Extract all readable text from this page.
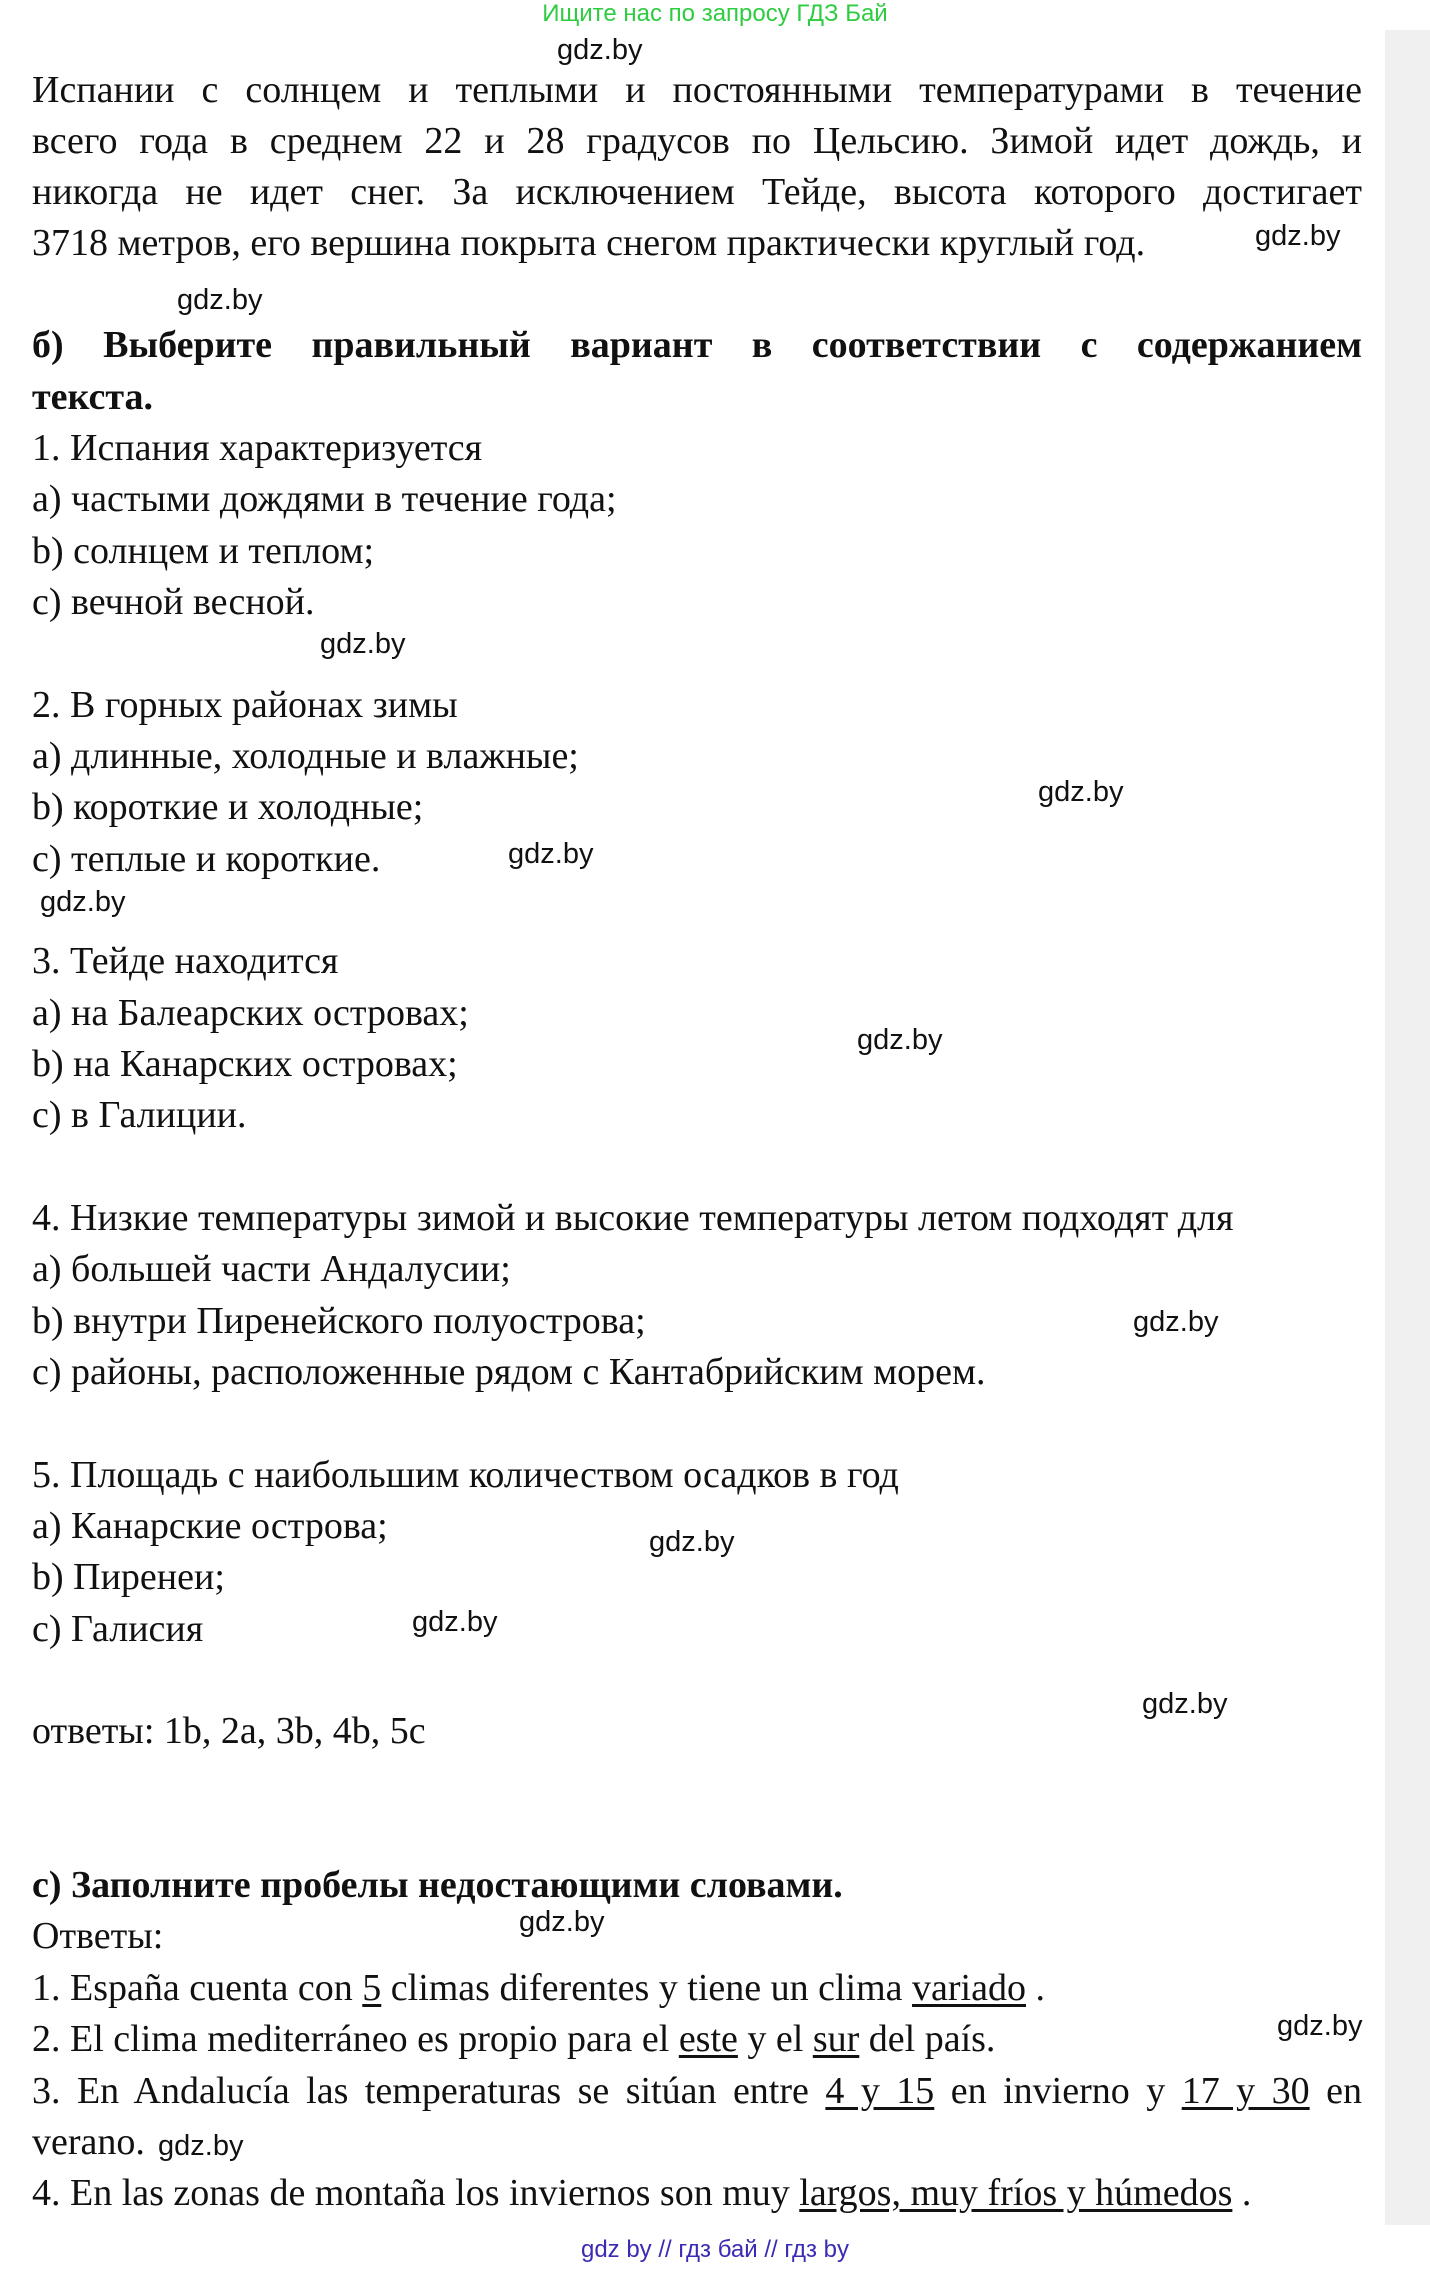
Ищите нас по запросу ГДЗ Бай
Испании с солнцем и теплыми и постоянными температурами в течение
всего года в среднем 22 и 28 градусов по Цельсию. Зимой идет дождь, и
никогда не идет снег. За исключением Тейде, высота которого достигает
3718 метров, его вершина покрыта снегом практически круглый год.
б) Выберите правильный вариант в соответствии с содержанием
текста.
1. Испания характеризуется
a) частыми дождями в течение года;
b) солнцем и теплом;
c) вечной весной.
2. В горных районах зимы
a) длинные, холодные и влажные;
b) короткие и холодные;
c) теплые и короткие.
3. Тейде находится
a) на Балеарских островах;
b) на Канарских островах;
c) в Галиции.
4. Низкие температуры зимой и высокие температуры летом подходят для
a) большей части Андалусии;
b) внутри Пиренейского полуострова;
c) районы, расположенные рядом с Кантабрийским морем.
5. Площадь с наибольшим количеством осадков в год
a) Канарские острова;
b) Пиренеи;
c) Галисия
ответы: 1b, 2a, 3b, 4b, 5c
c) Заполните пробелы недостающими словами.
Ответы:
1. España cuenta con 5 climas diferentes y tiene un clima variado .
2. El clima mediterráneo es propio para el este y el sur del país.
3. En Andalucía las temperaturas se sitúan entre 4 y 15 en invierno y 17 y 30 en
verano.
4. En las zonas de montaña los inviernos son muy largos, muy fríos y húmedos .
gdz.by
gdz.by
gdz.by
gdz.by
gdz.by
gdz.by
gdz.by
gdz.by
gdz.by
gdz.by
gdz.by
gdz.by
gdz.by
gdz.by
gdz.by
gdz by // гдз бай // гдз by
